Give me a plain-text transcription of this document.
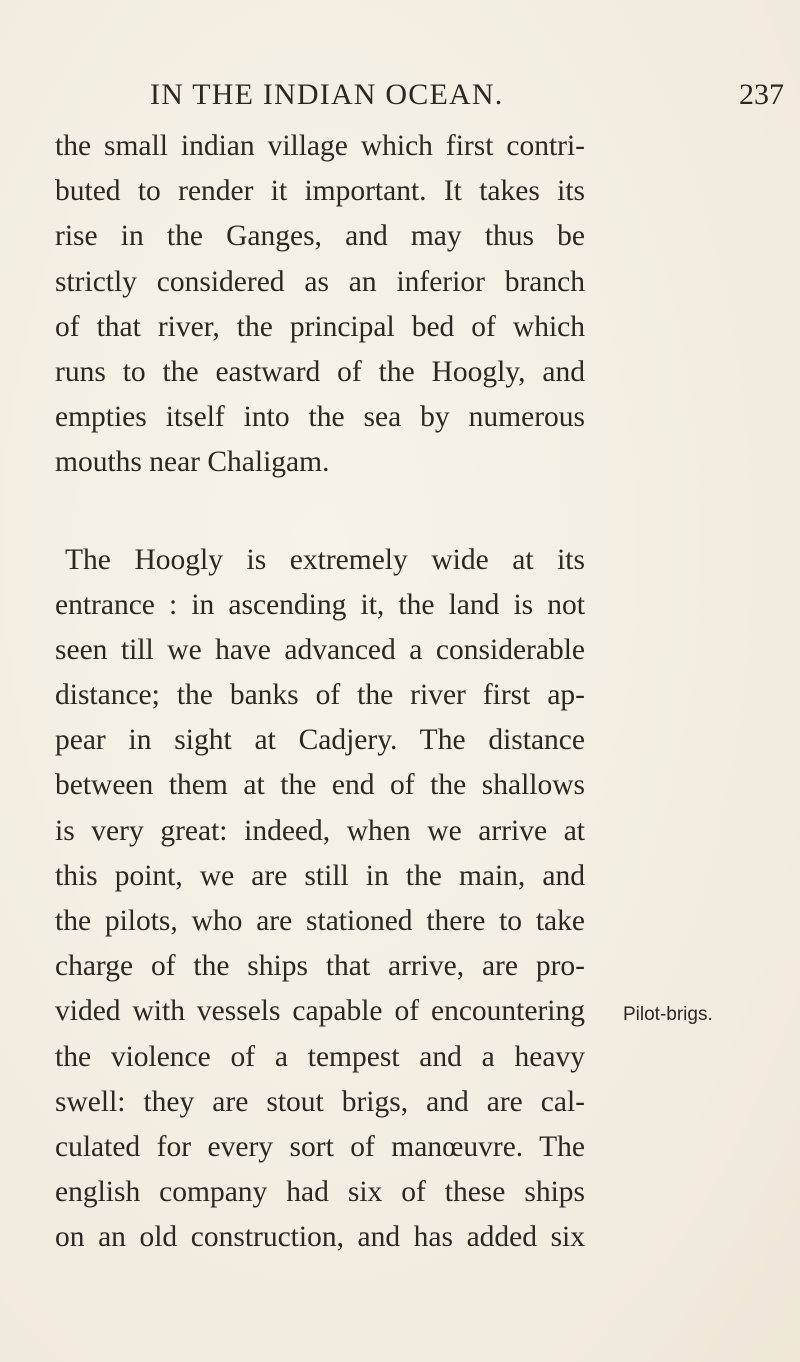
IN THE INDIAN OCEAN.	237
the small indian village which first contri-
buted to render it important. It takes its
rise in the Ganges, and may thus be
strictly considered as an inferior branch
of that river, the principal bed of which
runs to the eastward of the Hoogly, and
empties itself into the sea by numerous
mouths near Chaligam.
The Hoogly is extremely wide at its
entrance : in ascending it, the land is not
seen till we have advanced a considerable
distance; the banks of the river first ap-
pear in sight at Cadjery. The distance
between them at the end of the shallows
is very great: indeed, when we arrive at
this point, we are still in the main, and
the pilots, who are stationed there to take
charge of the ships that arrive, are pro-
vided with vessels capable of encountering
the violence of a tempest and a heavy
swell: they are stout brigs, and are cal-
culated for every sort of manœuvre. The
english company had six of these ships
on an old construction, and has added six
Pilot-brigs.
